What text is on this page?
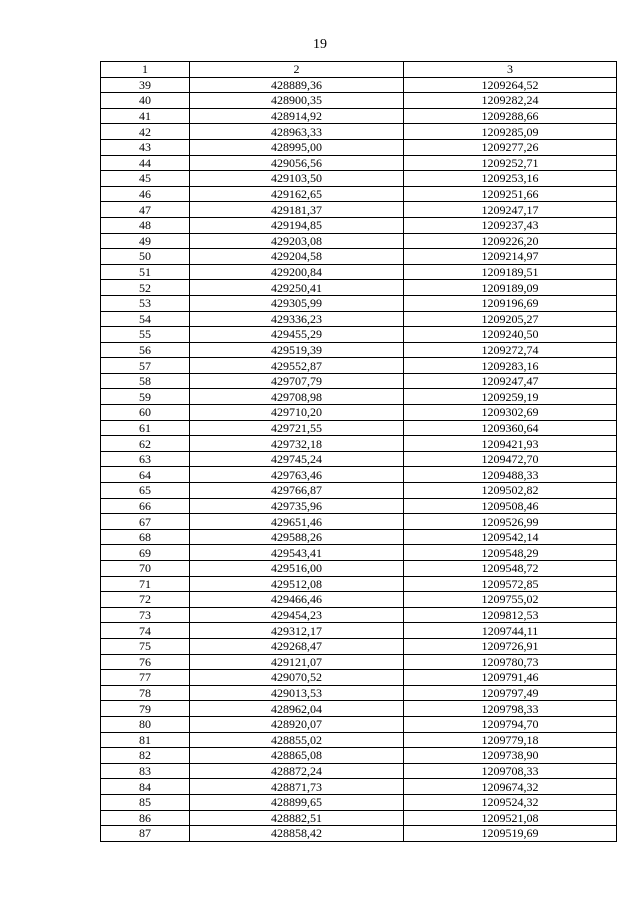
19
1	2	3
39	428889,36	1209264,52
40	428900,35	1209282,24
41	428914,92	1209288,66
42	428963,33	1209285,09
43	428995,00	1209277,26
44	429056,56	1209252,71
45	429103,50	1209253,16
46	429162,65	1209251,66
47	429181,37	1209247,17
48	429194,85	1209237,43
49	429203,08	1209226,20
50	429204,58	1209214,97
51	429200,84	1209189,51
52	429250,41	1209189,09
53	429305,99	1209196,69
54	429336,23	1209205,27
55	429455,29	1209240,50
56	429519,39	1209272,74
57	429552,87	1209283,16
58	429707,79	1209247,47
59	429708,98	1209259,19
60	429710,20	1209302,69
61	429721,55	1209360,64
62	429732,18	1209421,93
63	429745,24	1209472,70
64	429763,46	1209488,33
65	429766,87	1209502,82
66	429735,96	1209508,46
67	429651,46	1209526,99
68	429588,26	1209542,14
69	429543,41	1209548,29
70	429516,00	1209548,72
71	429512,08	1209572,85
72	429466,46	1209755,02
73	429454,23	1209812,53
74	429312,17	1209744,11
75	429268,47	1209726,91
76	429121,07	1209780,73
77	429070,52	1209791,46
78	429013,53	1209797,49
79	428962,04	1209798,33
80	428920,07	1209794,70
81	428855,02	1209779,18
82	428865,08	1209738,90
83	428872,24	1209708,33
84	428871,73	1209674,32
85	428899,65	1209524,32
86	428882,51	1209521,08
87	428858,42	1209519,69
